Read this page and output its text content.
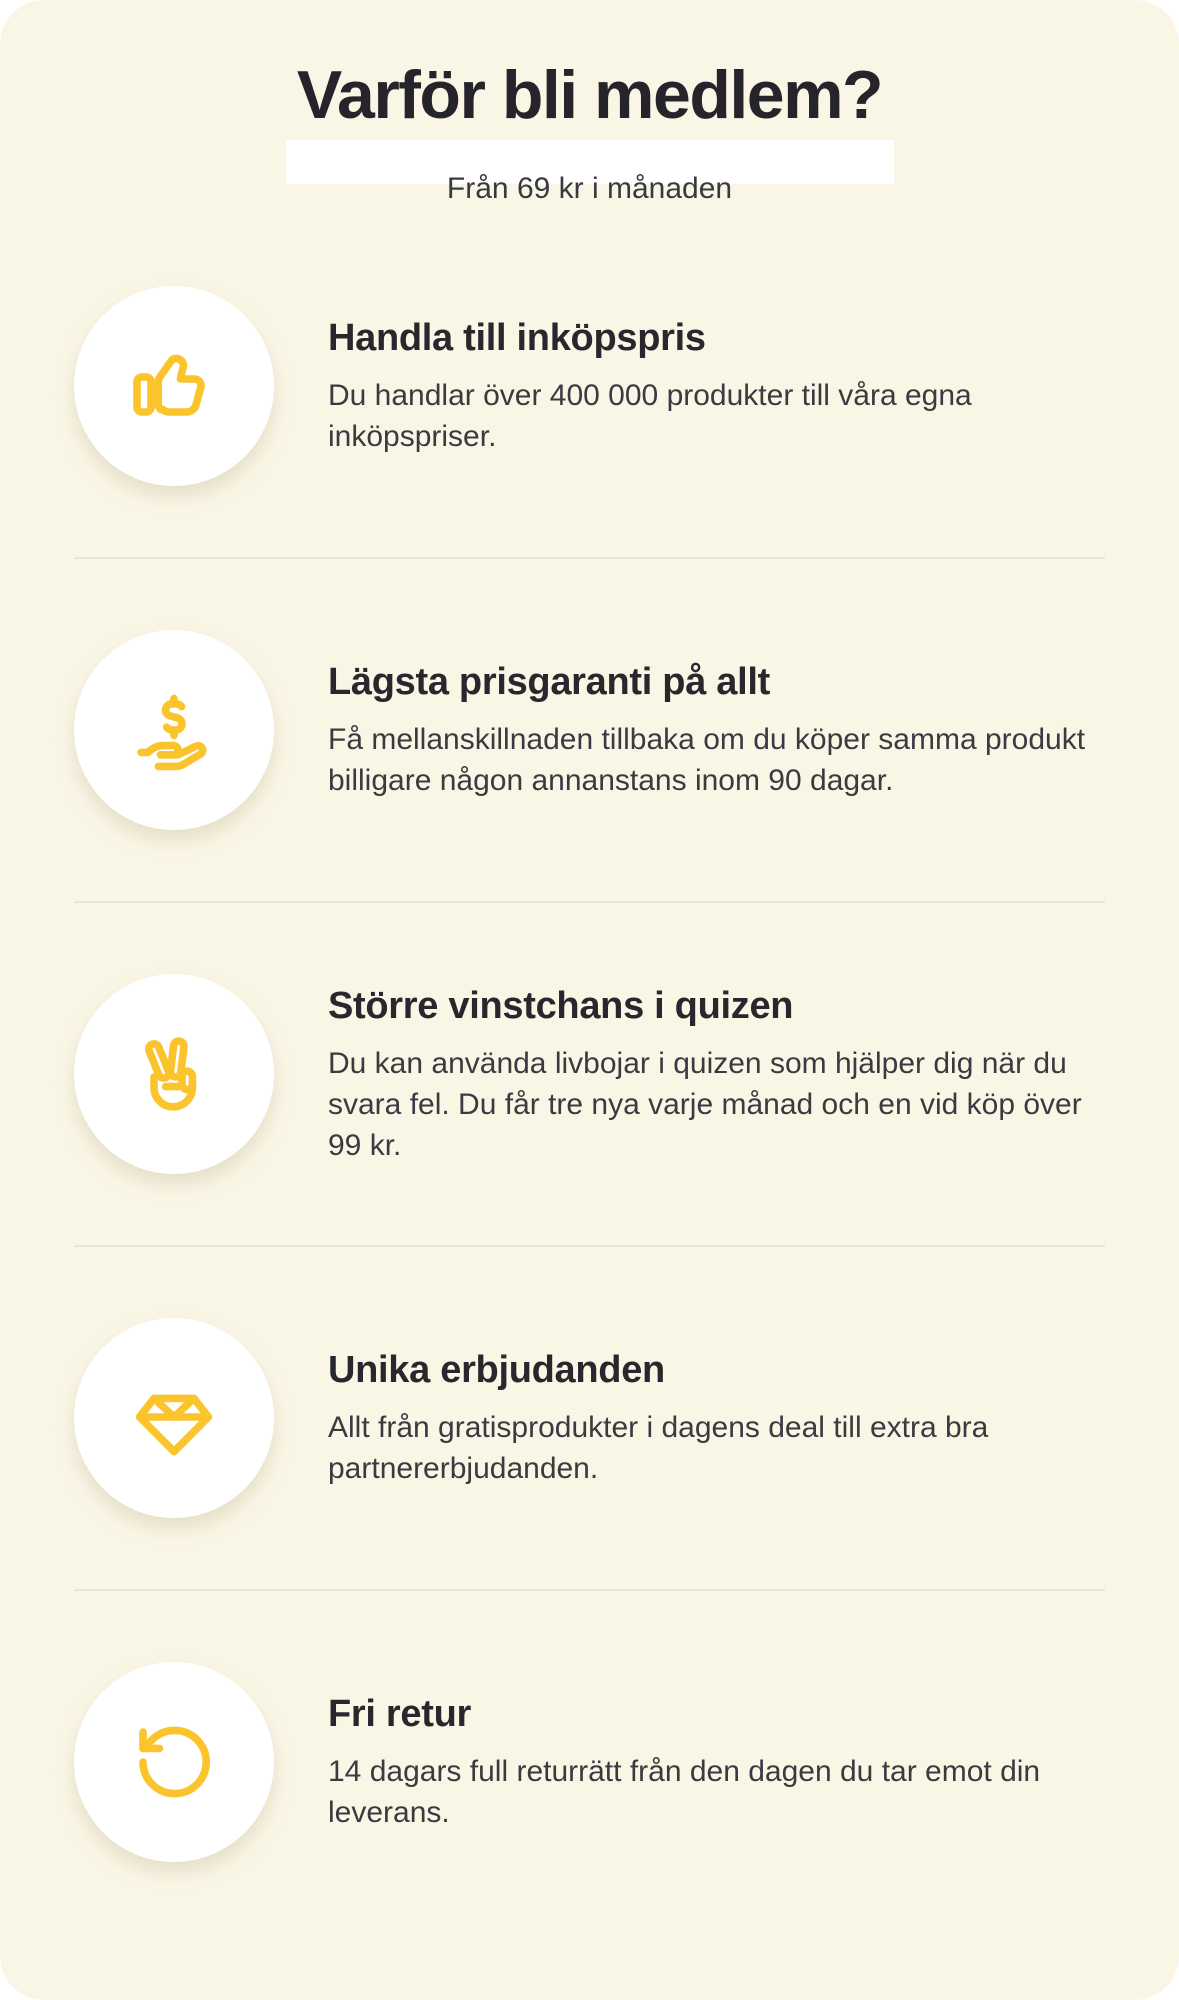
Varför bli medlem?

Från 69 kr i månaden

Handla till inköpspris

Du handlar över 400 000 produkter till våra egna inköpspriser.

Lägsta prisgaranti på allt

Få mellanskillnaden tillbaka om du köper samma produkt billigare någon annanstans inom 90 dagar.

Större vinstchans i quizen

Du kan använda livbojar i quizen som hjälper dig när du svara fel. Du får tre nya varje månad och en vid köp över 99 kr.

Unika erbjudanden

Allt från gratisprodukter i dagens deal till extra bra partnererbjudanden.

Fri retur

14 dagars full returrätt från den dagen du tar emot din leverans.
